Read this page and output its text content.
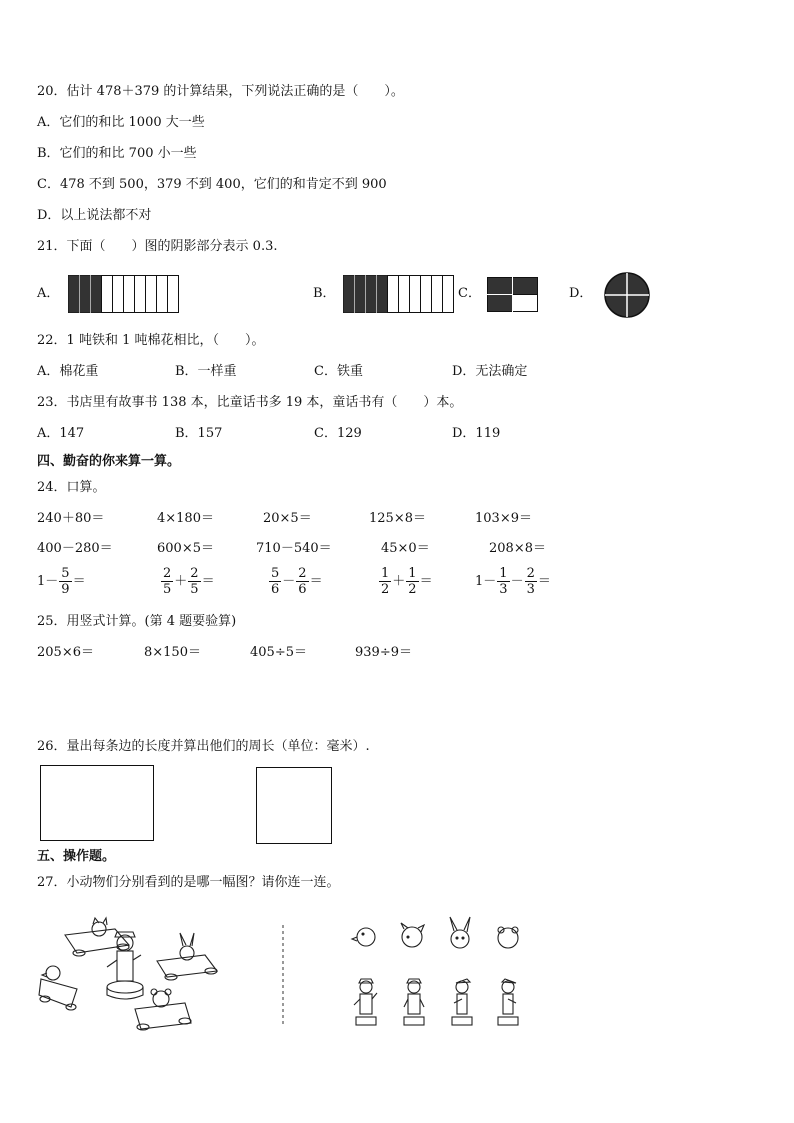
20．估计 478＋379 的计算结果，下列说法正确的是（　　）。
A．它们的和比 1000 大一些
B．它们的和比 700 小一些
C．478 不到 500，379 不到 400，它们的和肯定不到 900
D．以上说法都不对
21．下面（　　）图的阴影部分表示 0.3.
A．	B．	C．	D．
22．1 吨铁和 1 吨棉花相比，（　　）。
A．棉花重	B．一样重	C．铁重	D．无法确定
23．书店里有故事书 138 本，比童话书多 19 本，童话书有（　　）本。
A．147	B．157	C．129	D．119
四、勤奋的你来算一算。
24．口算。
240＋80＝	4×180＝	20×5＝	125×8＝	103×9＝
400－280＝	600×5＝	710－540＝	45×0＝	208×8＝
$1 - \frac{5}{9}$ ＝	$\frac{2}{5} + \frac{2}{5}$ ＝	$\frac{5}{6} - \frac{2}{6}$ ＝	$\frac{1}{2} + \frac{1}{2}$ ＝	$1 - \frac{1}{3} - \frac{2}{3}$ ＝
25．用竖式计算。(第 4 题要验算)
205×6＝	8×150＝	405÷5＝	939÷9＝
26．量出每条边的长度并算出他们的周长（单位：毫米）.
五、操作题。
27．小动物们分别看到的是哪一幅图？请你连一连。
